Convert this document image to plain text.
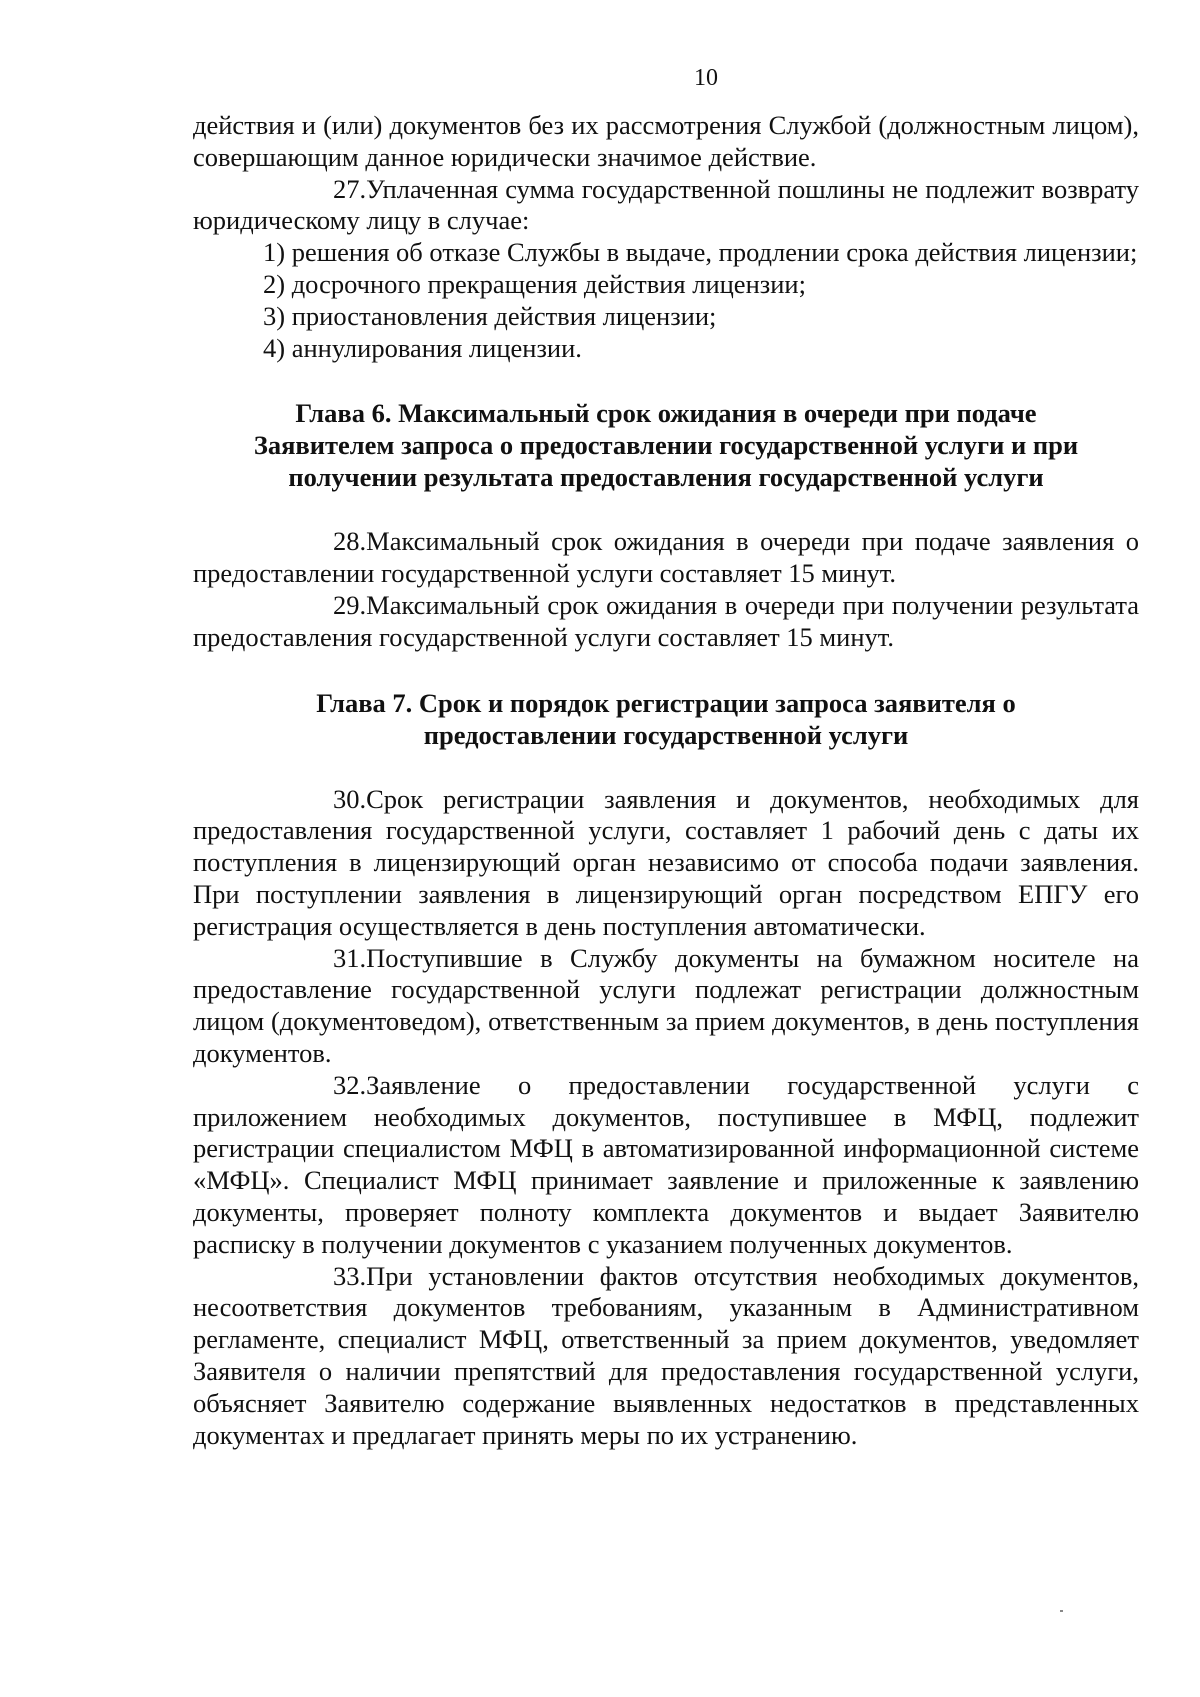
10

действия и (или) документов без их рассмотрения Службой (должностным лицом), совершающим данное юридически значимое действие.

27.Уплаченная сумма государственной пошлины не подлежит возврату юридическому лицу в случае:

1) решения об отказе Службы в выдаче, продлении срока действия лицензии;

2) досрочного прекращения действия лицензии;

3) приостановления действия лицензии;

4) аннулирования лицензии.

Глава 6. Максимальный срок ожидания в очереди при подаче

Заявителем запроса о предоставлении государственной услуги и при

получении результата предоставления государственной услуги

28.Максимальный срок ожидания в очереди при подаче заявления о предоставлении государственной услуги составляет 15 минут.

29.Максимальный срок ожидания в очереди при получении результата предоставления государственной услуги составляет 15 минут.

Глава 7. Срок и порядок регистрации запроса заявителя о

предоставлении государственной услуги

30.Срок регистрации заявления и документов, необходимых для предоставления государственной услуги, составляет 1 рабочий день с даты их поступления в лицензирующий орган независимо от способа подачи заявления. При поступлении заявления в лицензирующий орган посредством ЕПГУ его регистрация осуществляется в день поступления автоматически.

31.Поступившие в Службу документы на бумажном носителе на предоставление государственной услуги подлежат регистрации должностным лицом (документоведом), ответственным за прием документов, в день поступления документов.

32.Заявление о предоставлении государственной услуги с приложением необходимых документов, поступившее в МФЦ, подлежит регистрации специалистом МФЦ в автоматизированной информационной системе «МФЦ». Специалист МФЦ принимает заявление и приложенные к заявлению документы, проверяет полноту комплекта документов и выдает Заявителю расписку в получении документов с указанием полученных документов.

33.При установлении фактов отсутствия необходимых документов, несоответствия документов требованиям, указанным в Административном регламенте, специалист МФЦ, ответственный за прием документов, уведомляет Заявителя о наличии препятствий для предоставления государственной услуги, объясняет Заявителю содержание выявленных недостатков в представленных документах и предлагает принять меры по их устранению.
